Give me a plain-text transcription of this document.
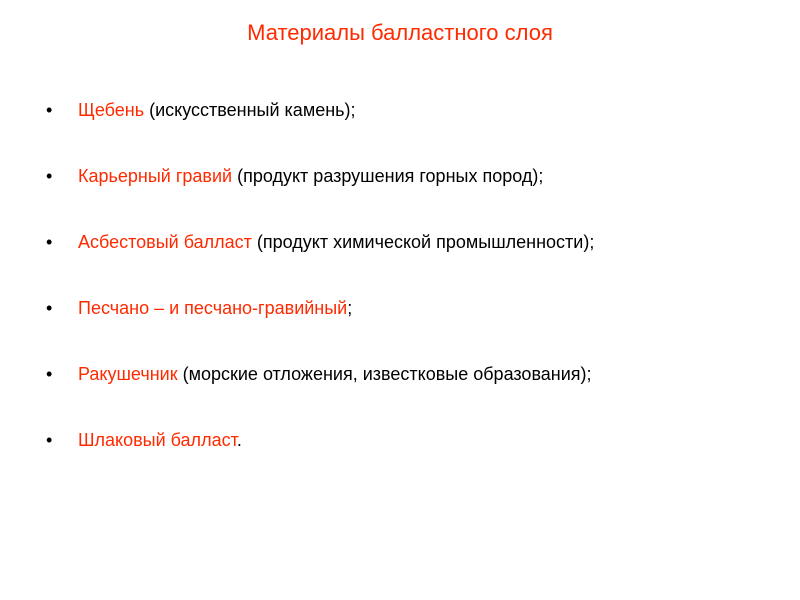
Материалы балластного слоя
•	Щебень (искусственный камень);
•	Карьерный гравий (продукт разрушения горных пород);
•	Асбестовый балласт (продукт химической промышленности);
•	Песчано – и песчано-гравийный;
•	Ракушечник (морские отложения, известковые образования);
•	Шлаковый балласт.
